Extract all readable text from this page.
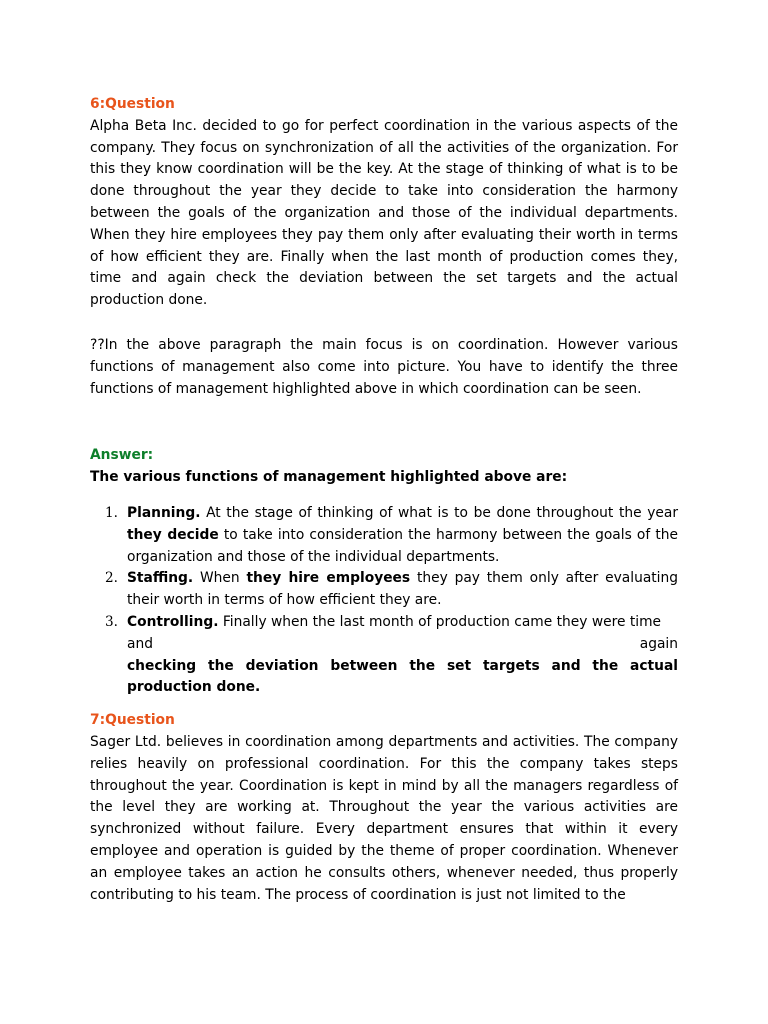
6:Question

Alpha Beta Inc. decided to go for perfect coordination in the various aspects of the company. They focus on synchronization of all the activities of the organization. For this they know coordination will be the key. At the stage of thinking of what is to be done throughout the year they decide to take into consideration the harmony between the goals of the organization and those of the individual departments. When they hire employees they pay them only after evaluating their worth in terms of how efficient they are. Finally when the last month of production comes they, time and again check the deviation between the set targets and the actual production done.

??In the above paragraph the main focus is on coordination. However various functions of management also come into picture. You have to identify the three functions of management highlighted above in which coordination can be seen.

Answer:

The various functions of management highlighted above are:

1. Planning. At the stage of thinking of what is to be done throughout the year they decide to take into consideration the harmony between the goals of the organization and those of the individual departments.
2. Staffing. When they hire employees they pay them only after evaluating their worth in terms of how efficient they are.
3. Controlling. Finally when the last month of production came they were time
and	again
checking the deviation between the set targets and the actual production done.

7:Question

Sager Ltd. believes in coordination among departments and activities. The company relies heavily on professional coordination. For this the company takes steps throughout the year. Coordination is kept in mind by all the managers regardless of the level they are working at. Throughout the year the various activities are synchronized without failure. Every department ensures that within it every employee and operation is guided by the theme of proper coordination. Whenever an employee takes an action he consults others, whenever needed, thus properly contributing to his team. The process of coordination is just not limited to the
